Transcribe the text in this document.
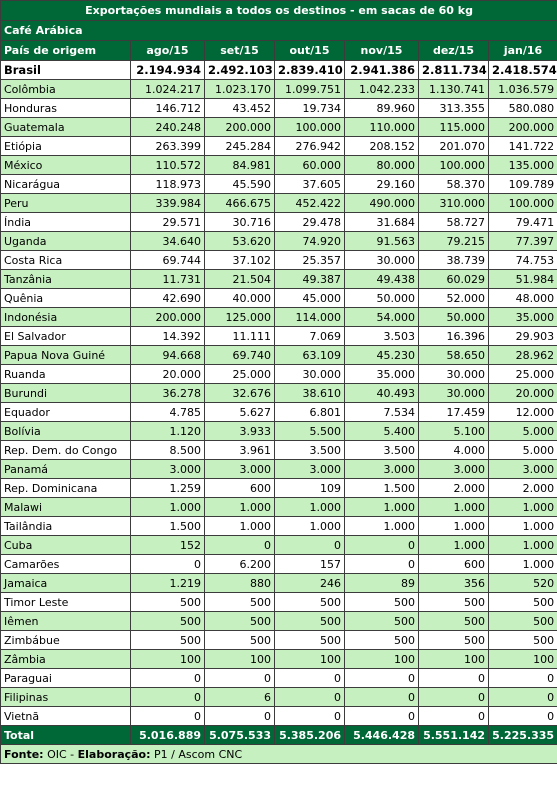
Exportações mundiais a todos os destinos - em sacas de 60 kg						
Café Arábica						
País de origem	ago/15	set/15	out/15	nov/15	dez/15	jan/16
Brasil	2.194.934	2.492.103	2.839.410	2.941.386	2.811.734	2.418.574
Colômbia	1.024.217	1.023.170	1.099.751	1.042.233	1.130.741	1.036.579
Honduras	146.712	43.452	19.734	89.960	313.355	580.080
Guatemala	240.248	200.000	100.000	110.000	115.000	200.000
Etiópia	263.399	245.284	276.942	208.152	201.070	141.722
México	110.572	84.981	60.000	80.000	100.000	135.000
Nicarágua	118.973	45.590	37.605	29.160	58.370	109.789
Peru	339.984	466.675	452.422	490.000	310.000	100.000
Índia	29.571	30.716	29.478	31.684	58.727	79.471
Uganda	34.640	53.620	74.920	91.563	79.215	77.397
Costa Rica	69.744	37.102	25.357	30.000	38.739	74.753
Tanzânia	11.731	21.504	49.387	49.438	60.029	51.984
Quênia	42.690	40.000	45.000	50.000	52.000	48.000
Indonésia	200.000	125.000	114.000	54.000	50.000	35.000
El Salvador	14.392	11.111	7.069	3.503	16.396	29.903
Papua Nova Guiné	94.668	69.740	63.109	45.230	58.650	28.962
Ruanda	20.000	25.000	30.000	35.000	30.000	25.000
Burundi	36.278	32.676	38.610	40.493	30.000	20.000
Equador	4.785	5.627	6.801	7.534	17.459	12.000
Bolívia	1.120	3.933	5.500	5.400	5.100	5.000
Rep. Dem. do Congo	8.500	3.961	3.500	3.500	4.000	5.000
Panamá	3.000	3.000	3.000	3.000	3.000	3.000
Rep. Dominicana	1.259	600	109	1.500	2.000	2.000
Malawi	1.000	1.000	1.000	1.000	1.000	1.000
Tailândia	1.500	1.000	1.000	1.000	1.000	1.000
Cuba	152	0	0	0	1.000	1.000
Camarões	0	6.200	157	0	600	1.000
Jamaica	1.219	880	246	89	356	520
Timor Leste	500	500	500	500	500	500
Iêmen	500	500	500	500	500	500
Zimbábue	500	500	500	500	500	500
Zâmbia	100	100	100	100	100	100
Paraguai	0	0	0	0	0	0
Filipinas	0	6	0	0	0	0
Vietnã	0	0	0	0	0	0
Total	5.016.889	5.075.533	5.385.206	5.446.428	5.551.142	5.225.335
Fonte: OIC - Elaboração: P1 / Ascom CNC						
